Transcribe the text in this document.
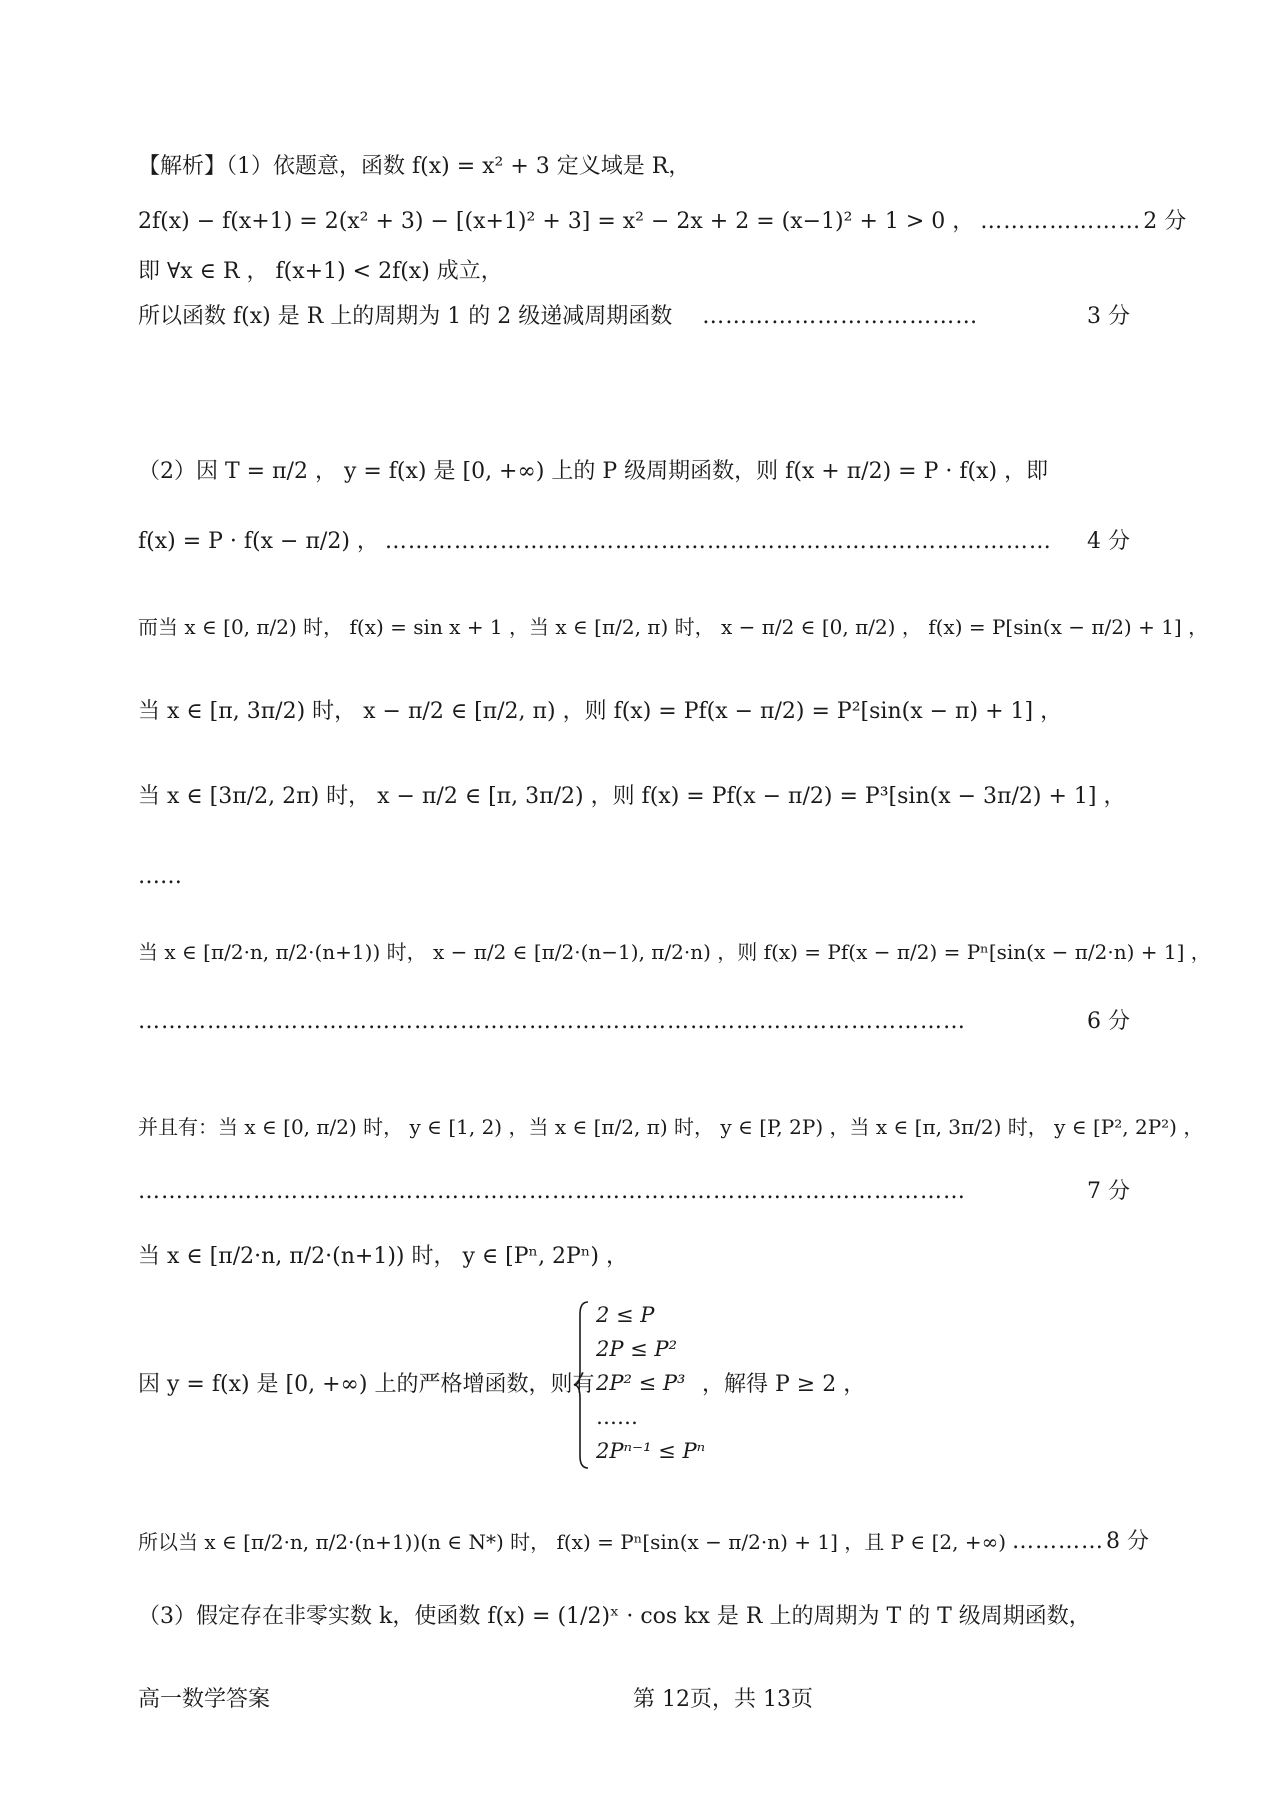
【解析】（1）依题意，函数 f(x) = x² + 3 定义域是 R，
2f(x) − f(x+1) = 2(x² + 3) − [(x+1)² + 3] = x² − 2x + 2 = (x−1)² + 1 > 0 ， ………………… 2 分
即 ∀x ∈ R ， f(x+1) < 2f(x) 成立，
所以函数 f(x) 是 R 上的周期为 1 的 2 级递减周期函数 ………………………………	3 分
（2）因 T = π/2 ， y = f(x) 是 [0, +∞) 上的 P 级周期函数，则 f(x + π/2) = P · f(x) ，即
f(x) = P · f(x − π/2) ， ……………………………………………………………………………	4 分
而当 x ∈ [0, π/2) 时， f(x) = sin x + 1 ，当 x ∈ [π/2, π) 时， x − π/2 ∈ [0, π/2) ， f(x) = P[sin(x − π/2) + 1] ，
当 x ∈ [π, 3π/2) 时， x − π/2 ∈ [π/2, π) ，则 f(x) = Pf(x − π/2) = P²[sin(x − π) + 1] ，
当 x ∈ [3π/2, 2π) 时， x − π/2 ∈ [π, 3π/2) ，则 f(x) = Pf(x − π/2) = P³[sin(x − 3π/2) + 1] ，
……
当 x ∈ [π/2·n, π/2·(n+1)) 时， x − π/2 ∈ [π/2·(n−1), π/2·n) ，则 f(x) = Pf(x − π/2) = Pⁿ[sin(x − π/2·n) + 1] ，
………………………………………………………………………………………………	6 分
并且有：当 x ∈ [0, π/2) 时， y ∈ [1, 2) ，当 x ∈ [π/2, π) 时， y ∈ [P, 2P) ，当 x ∈ [π, 3π/2) 时， y ∈ [P², 2P²) ，
………………………………………………………………………………………………	7 分
当 x ∈ [π/2·n, π/2·(n+1)) 时， y ∈ [Pⁿ, 2Pⁿ) ，
因 y = f(x) 是 [0, +∞) 上的严格增函数，则有
2 ≤ P
2P ≤ P²
2P² ≤ P³
……
2Pⁿ⁻¹ ≤ Pⁿ
，解得 P ≥ 2 ，
所以当 x ∈ [π/2·n, π/2·(n+1))(n ∈ N*) 时， f(x) = Pⁿ[sin(x − π/2·n) + 1] ，且 P ∈ [2, +∞) ………… 8 分
（3）假定存在非零实数 k，使函数 f(x) = (1/2)ˣ · cos kx 是 R 上的周期为 T 的 T 级周期函数，
高一数学答案	第 12页，共 13页
